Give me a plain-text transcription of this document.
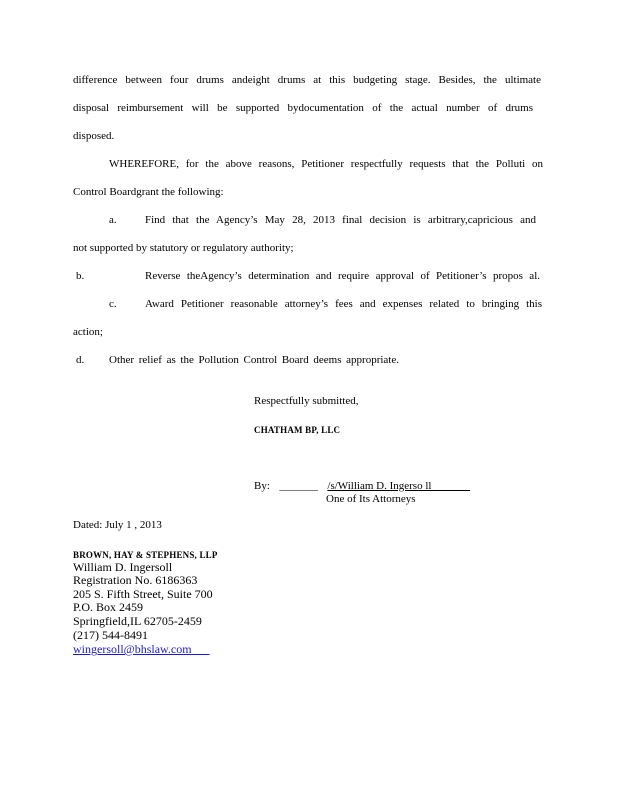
difference between four drums andeight drums at this budgeting stage. Besides, the ultimate
disposal reimbursement will be supported bydocumentation of the actual number of drums
disposed.
WHEREFORE, for the above reasons, Petitioner respectfully requests that the Polluti on
Control Boardgrant the following:
a.	Find that the Agency’s May 28, 2013 final decision is arbitrary,capricious and
not supported by statutory or regulatory authority;
b.	Reverse theAgency’s determination and require approval of Petitioner’s propos al.
c.	Award Petitioner reasonable attorney’s fees and expenses related to bringing this
action;
d. Other relief as the Pollution Control Board deems appropriate.
Respectfully submitted,
CHATHAM BP, LLC
By: _______ /s/William D. Ingerso ll_______
One of Its Attorneys
Dated: July 1 , 2013
BROWN, HAY & STEPHENS, LLP
William D. Ingersoll
Registration No. 6186363
205 S. Fifth Street, Suite 700
P.O. Box 2459
Springfield,IL 62705-2459
(217) 544-8491
wingersoll@bhslaw.com
